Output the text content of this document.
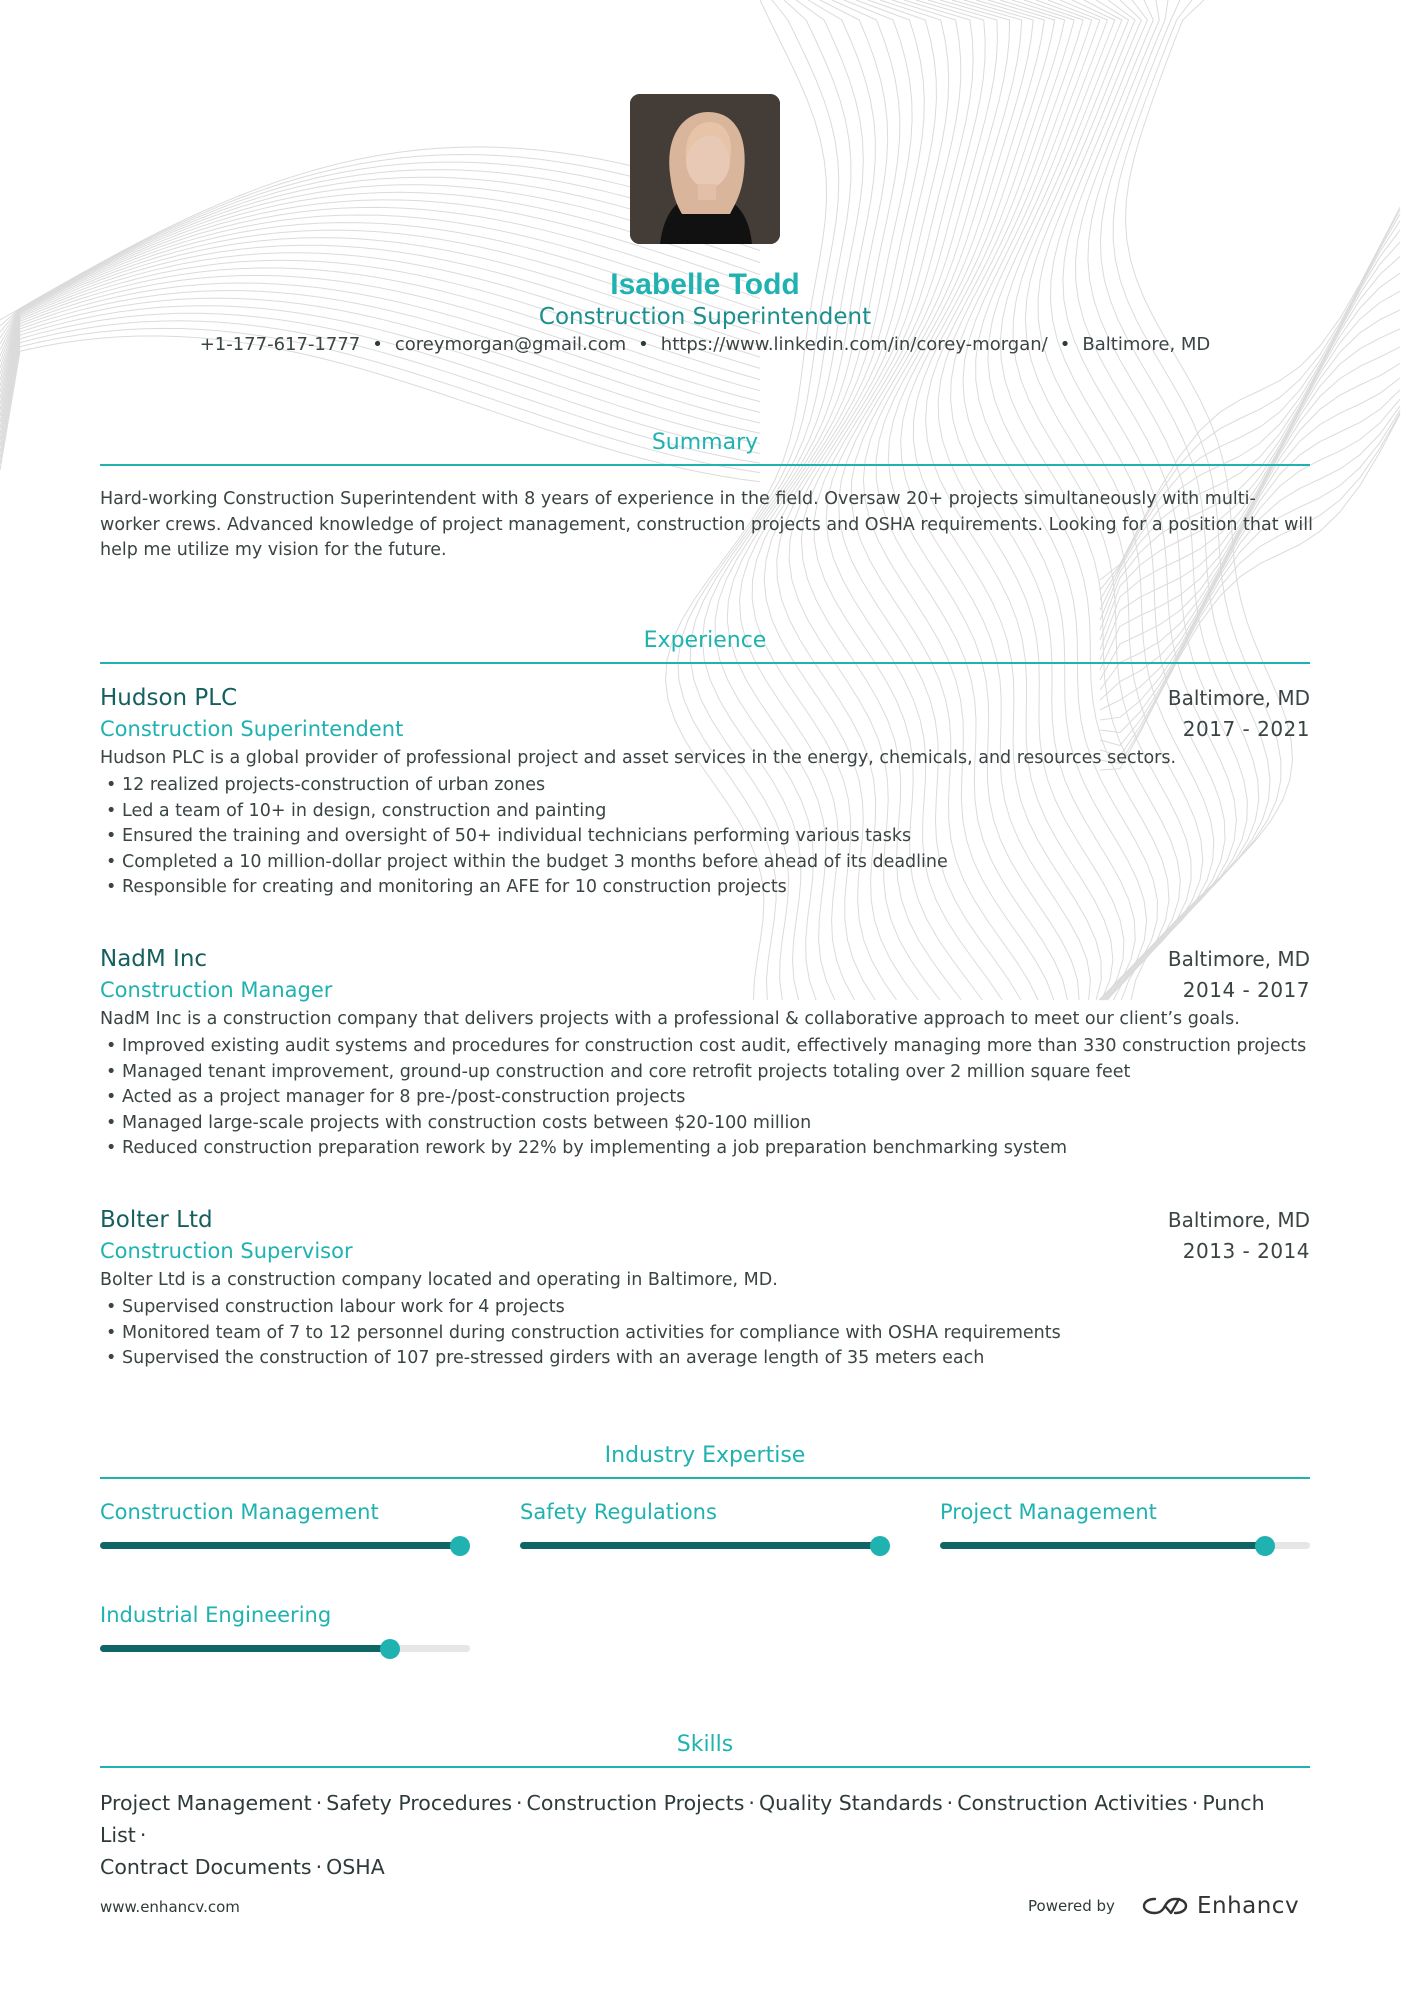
Isabelle Todd
Construction Superintendent
+1-177-617-1777 • coreymorgan@gmail.com • https://www.linkedin.com/in/corey-morgan/ • Baltimore, MD
Summary
Hard-working Construction Superintendent with 8 years of experience in the field. Oversaw 20+ projects simultaneously with multi-worker crews. Advanced knowledge of project management, construction projects and OSHA requirements. Looking for a position that will help me utilize my vision for the future.
Experience
Hudson PLC
Construction Superintendent
Baltimore, MD
2017 - 2021
Hudson PLC is a global provider of professional project and asset services in the energy, chemicals, and resources sectors.
• 12 realized projects-construction of urban zones
• Led a team of 10+ in design, construction and painting
• Ensured the training and oversight of 50+ individual technicians performing various tasks
• Completed a 10 million-dollar project within the budget 3 months before ahead of its deadline
• Responsible for creating and monitoring an AFE for 10 construction projects
NadM Inc
Construction Manager
Baltimore, MD
2014 - 2017
NadM Inc is a construction company that delivers projects with a professional & collaborative approach to meet our client’s goals.
• Improved existing audit systems and procedures for construction cost audit, effectively managing more than 330 construction projects
• Managed tenant improvement, ground-up construction and core retrofit projects totaling over 2 million square feet
• Acted as a project manager for 8 pre-/post-construction projects
• Managed large-scale projects with construction costs between $20-100 million
• Reduced construction preparation rework by 22% by implementing a job preparation benchmarking system
Bolter Ltd
Construction Supervisor
Baltimore, MD
2013 - 2014
Bolter Ltd is a construction company located and operating in Baltimore, MD.
• Supervised construction labour work for 4 projects
• Monitored team of 7 to 12 personnel during construction activities for compliance with OSHA requirements
• Supervised the construction of 107 pre-stressed girders with an average length of 35 meters each
Industry Expertise
Construction Management	Safety Regulations	Project Management
Industrial Engineering
Skills
Project Management · Safety Procedures · Construction Projects · Quality Standards · Construction Activities · Punch List ·
Contract Documents · OSHA
www.enhancv.com	Powered by	Enhancv
